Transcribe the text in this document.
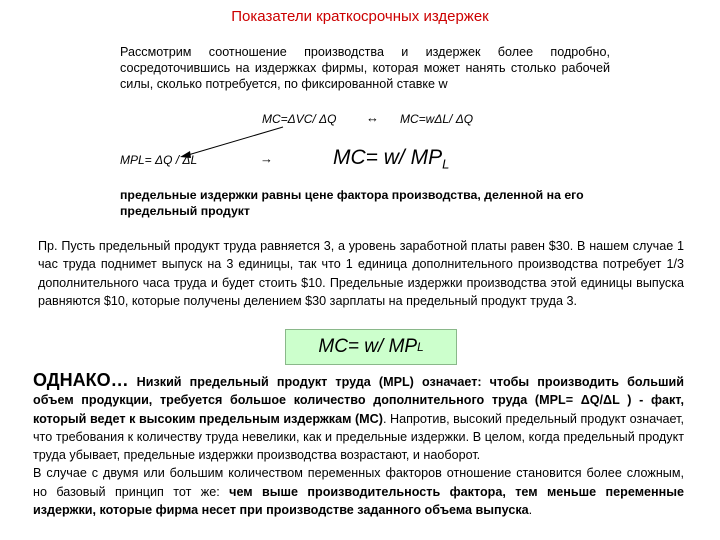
Показатели краткосрочных издержек
Рассмотрим соотношение производства и издержек более подробно, сосредоточившись на издержках фирмы, которая может нанять столько рабочей силы, сколько потребуется, по фиксированной ставке w
MC=ΔVC/ ΔQ ↔ MC=wΔL/ ΔQ
MPL= ΔQ / ΔL	→	MC= w/ $MP_L$
предельные издержки равны цене фактора производства, деленной на его предельный продукт
Пр. Пусть предельный продукт труда равняется 3, а уровень заработной платы равен $30. В нашем случае 1 час труда поднимет выпуск на 3 единицы, так что 1 единица дополнительного производства потребует 1/3 дополнительного часа труда и будет стоить $10. Предельные издержки производства этой единицы выпуска равняются $10, которые получены делением $30 зарплаты на предельный продукт труда 3.
MC= w/ MP L
ОДНАКО… Низкий предельный продукт труда (MPL) означает: чтобы производить больший объем продукции, требуется большое количество дополнительного труда (MPL= ΔQ/ΔL ) - факт, который ведет к высоким предельным издержкам (MC). Напротив, высокий предельный продукт означает, что требования к количеству труда невелики, как и предельные издержки. В целом, когда предельный продукт труда убывает, предельные издержки производства возрастают, и наоборот.
В случае с двумя или большим количеством переменных факторов отношение становится более сложным, но базовый принцип тот же: чем выше производительность фактора, тем меньше переменные издержки, которые фирма несет при производстве заданного объема выпуска.
